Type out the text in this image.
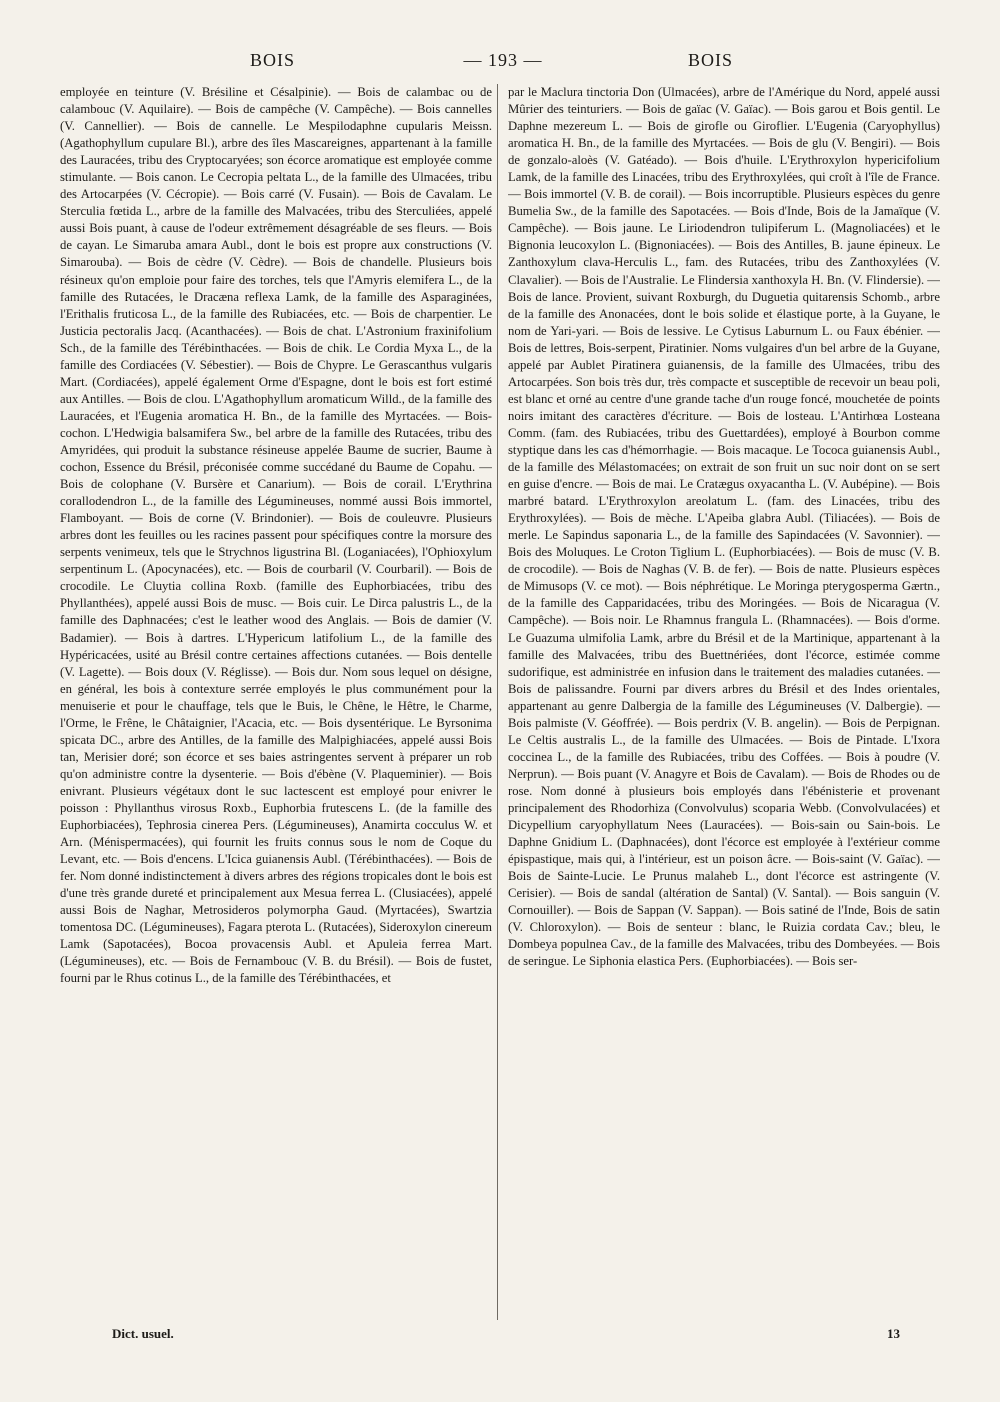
BOIS	— 193 —	BOIS
employée en teinture (V. Brésiline et Césalpinie). — Bois de calambac ou de calambouc (V. Aquilaire). — Bois de campêche (V. Campêche). — Bois cannelles (V. Cannellier). — Bois de cannelle. Le Mespilodaphne cupularis Meissn. (Agathophyllum cupulare Bl.), arbre des îles Mascareignes, appartenant à la famille des Lauracées, tribu des Cryptocaryées; son écorce aromatique est employée comme stimulante. — Bois canon. Le Cecropia peltata L., de la famille des Ulmacées, tribu des Artocarpées (V. Cécropie). — Bois carré (V. Fusain). — Bois de Cavalam. Le Sterculia fœtida L., arbre de la famille des Malvacées, tribu des Sterculiées, appelé aussi Bois puant, à cause de l'odeur extrêmement désagréable de ses fleurs. — Bois de cayan. Le Simaruba amara Aubl., dont le bois est propre aux constructions (V. Simarouba). — Bois de cèdre (V. Cèdre). — Bois de chandelle. Plusieurs bois résineux qu'on emploie pour faire des torches, tels que l'Amyris elemifera L., de la famille des Rutacées, le Dracæna reflexa Lamk, de la famille des Asparaginées, l'Erithalis fruticosa L., de la famille des Rubiacées, etc. — Bois de charpentier. Le Justicia pectoralis Jacq. (Acanthacées). — Bois de chat. L'Astronium fraxinifolium Sch., de la famille des Térébinthacées. — Bois de chik. Le Cordia Myxa L., de la famille des Cordiacées (V. Sébestier). — Bois de Chypre. Le Gerascanthus vulgaris Mart. (Cordiacées), appelé également Orme d'Espagne, dont le bois est fort estimé aux Antilles. — Bois de clou. L'Agathophyllum aromaticum Willd., de la famille des Lauracées, et l'Eugenia aromatica H. Bn., de la famille des Myrtacées. — Bois-cochon. L'Hedwigia balsamifera Sw., bel arbre de la famille des Rutacées, tribu des Amyridées, qui produit la substance résineuse appelée Baume de sucrier, Baume à cochon, Essence du Brésil, préconisée comme succédané du Baume de Copahu. — Bois de colophane (V. Bursère et Canarium). — Bois de corail. L'Erythrina corallodendron L., de la famille des Légumineuses, nommé aussi Bois immortel, Flamboyant. — Bois de corne (V. Brindonier). — Bois de couleuvre. Plusieurs arbres dont les feuilles ou les racines passent pour spécifiques contre la morsure des serpents venimeux, tels que le Strychnos ligustrina Bl. (Loganiacées), l'Ophioxylum serpentinum L. (Apocynacées), etc. — Bois de courbaril (V. Courbaril). — Bois de crocodile. Le Cluytia collina Roxb. (famille des Euphorbiacées, tribu des Phyllanthées), appelé aussi Bois de musc. — Bois cuir. Le Dirca palustris L., de la famille des Daphnacées; c'est le leather wood des Anglais. — Bois de damier (V. Badamier). — Bois à dartres. L'Hypericum latifolium L., de la famille des Hypéricacées, usité au Brésil contre certaines affections cutanées. — Bois dentelle (V. Lagette). — Bois doux (V. Réglisse). — Bois dur. Nom sous lequel on désigne, en général, les bois à contexture serrée employés le plus communément pour la menuiserie et pour le chauffage, tels que le Buis, le Chêne, le Hêtre, le Charme, l'Orme, le Frêne, le Châtaignier, l'Acacia, etc. — Bois dysentérique. Le Byrsonima spicata DC., arbre des Antilles, de la famille des Malpighiacées, appelé aussi Bois tan, Merisier doré; son écorce et ses baies astringentes servent à préparer un rob qu'on administre contre la dysenterie. — Bois d'ébène (V. Plaqueminier). — Bois enivrant. Plusieurs végétaux dont le suc lactescent est employé pour enivrer le poisson : Phyllanthus virosus Roxb., Euphorbia frutescens L. (de la famille des Euphorbiacées), Tephrosia cinerea Pers. (Légumineuses), Anamirta cocculus W. et Arn. (Ménispermacées), qui fournit les fruits connus sous le nom de Coque du Levant, etc. — Bois d'encens. L'Icica guianensis Aubl. (Térébinthacées). — Bois de fer. Nom donné indistinctement à divers arbres des régions tropicales dont le bois est d'une très grande dureté et principalement aux Mesua ferrea L. (Clusiacées), appelé aussi Bois de Naghar, Metrosideros polymorpha Gaud. (Myrtacées), Swartzia tomentosa DC. (Légumineuses), Fagara pterota L. (Rutacées), Sideroxylon cinereum Lamk (Sapotacées), Bocoa provacensis Aubl. et Apuleia ferrea Mart. (Légumineuses), etc. — Bois de Fernambouc (V. B. du Brésil). — Bois de fustet, fourni par le Rhus cotinus L., de la famille des Térébinthacées, et
par le Maclura tinctoria Don (Ulmacées), arbre de l'Amérique du Nord, appelé aussi Mûrier des teinturiers. — Bois de gaïac (V. Gaïac). — Bois garou et Bois gentil. Le Daphne mezereum L. — Bois de girofle ou Giroflier. L'Eugenia (Caryophyllus) aromatica H. Bn., de la famille des Myrtacées. — Bois de glu (V. Bengiri). — Bois de gonzalo-aloès (V. Gatéado). — Bois d'huile. L'Erythroxylon hypericifolium Lamk, de la famille des Linacées, tribu des Erythroxylées, qui croît à l'île de France. — Bois immortel (V. B. de corail). — Bois incorruptible. Plusieurs espèces du genre Bumelia Sw., de la famille des Sapotacées. — Bois d'Inde, Bois de la Jamaïque (V. Campêche). — Bois jaune. Le Liriodendron tulipiferum L. (Magnoliacées) et le Bignonia leucoxylon L. (Bignoniacées). — Bois des Antilles, B. jaune épineux. Le Zanthoxylum clava-Herculis L., fam. des Rutacées, tribu des Zanthoxylées (V. Clavalier). — Bois de l'Australie. Le Flindersia xanthoxyla H. Bn. (V. Flindersie). — Bois de lance. Provient, suivant Roxburgh, du Duguetia quitarensis Schomb., arbre de la famille des Anonacées, dont le bois solide et élastique porte, à la Guyane, le nom de Yari-yari. — Bois de lessive. Le Cytisus Laburnum L. ou Faux ébénier. — Bois de lettres, Bois-serpent, Piratinier. Noms vulgaires d'un bel arbre de la Guyane, appelé par Aublet Piratinera guianensis, de la famille des Ulmacées, tribu des Artocarpées. Son bois très dur, très compacte et susceptible de recevoir un beau poli, est blanc et orné au centre d'une grande tache d'un rouge foncé, mouchetée de points noirs imitant des caractères d'écriture. — Bois de losteau. L'Antirhœa Losteana Comm. (fam. des Rubiacées, tribu des Guettardées), employé à Bourbon comme styptique dans les cas d'hémorrhagie. — Bois macaque. Le Tococa guianensis Aubl., de la famille des Mélastomacées; on extrait de son fruit un suc noir dont on se sert en guise d'encre. — Bois de mai. Le Cratægus oxyacantha L. (V. Aubépine). — Bois marbré batard. L'Erythroxylon areolatum L. (fam. des Linacées, tribu des Erythroxylées). — Bois de mèche. L'Apeiba glabra Aubl. (Tiliacées). — Bois de merle. Le Sapindus saponaria L., de la famille des Sapindacées (V. Savonnier). — Bois des Moluques. Le Croton Tiglium L. (Euphorbiacées). — Bois de musc (V. B. de crocodile). — Bois de Naghas (V. B. de fer). — Bois de natte. Plusieurs espèces de Mimusops (V. ce mot). — Bois néphrétique. Le Moringa pterygosperma Gærtn., de la famille des Capparidacées, tribu des Moringées. — Bois de Nicaragua (V. Campêche). — Bois noir. Le Rhamnus frangula L. (Rhamnacées). — Bois d'orme. Le Guazuma ulmifolia Lamk, arbre du Brésil et de la Martinique, appartenant à la famille des Malvacées, tribu des Buettnériées, dont l'écorce, estimée comme sudorifique, est administrée en infusion dans le traitement des maladies cutanées. — Bois de palissandre. Fourni par divers arbres du Brésil et des Indes orientales, appartenant au genre Dalbergia de la famille des Légumineuses (V. Dalbergie). — Bois palmiste (V. Géoffrée). — Bois perdrix (V. B. angelin). — Bois de Perpignan. Le Celtis australis L., de la famille des Ulmacées. — Bois de Pintade. L'Ixora coccinea L., de la famille des Rubiacées, tribu des Coffées. — Bois à poudre (V. Nerprun). — Bois puant (V. Anagyre et Bois de Cavalam). — Bois de Rhodes ou de rose. Nom donné à plusieurs bois employés dans l'ébénisterie et provenant principalement des Rhodorhiza (Convolvulus) scoparia Webb. (Convolvulacées) et Dicypellium caryophyllatum Nees (Lauracées). — Bois-sain ou Sain-bois. Le Daphne Gnidium L. (Daphnacées), dont l'écorce est employée à l'extérieur comme épispastique, mais qui, à l'intérieur, est un poison âcre. — Bois-saint (V. Gaïac). — Bois de Sainte-Lucie. Le Prunus malaheb L., dont l'écorce est astringente (V. Cerisier). — Bois de sandal (altération de Santal) (V. Santal). — Bois sanguin (V. Cornouiller). — Bois de Sappan (V. Sappan). — Bois satiné de l'Inde, Bois de satin (V. Chloroxylon). — Bois de senteur : blanc, le Ruizia cordata Cav.; bleu, le Dombeya populnea Cav., de la famille des Malvacées, tribu des Dombeyées. — Bois de seringue. Le Siphonia elastica Pers. (Euphorbiacées). — Bois ser-
Dict. usuel.	13
